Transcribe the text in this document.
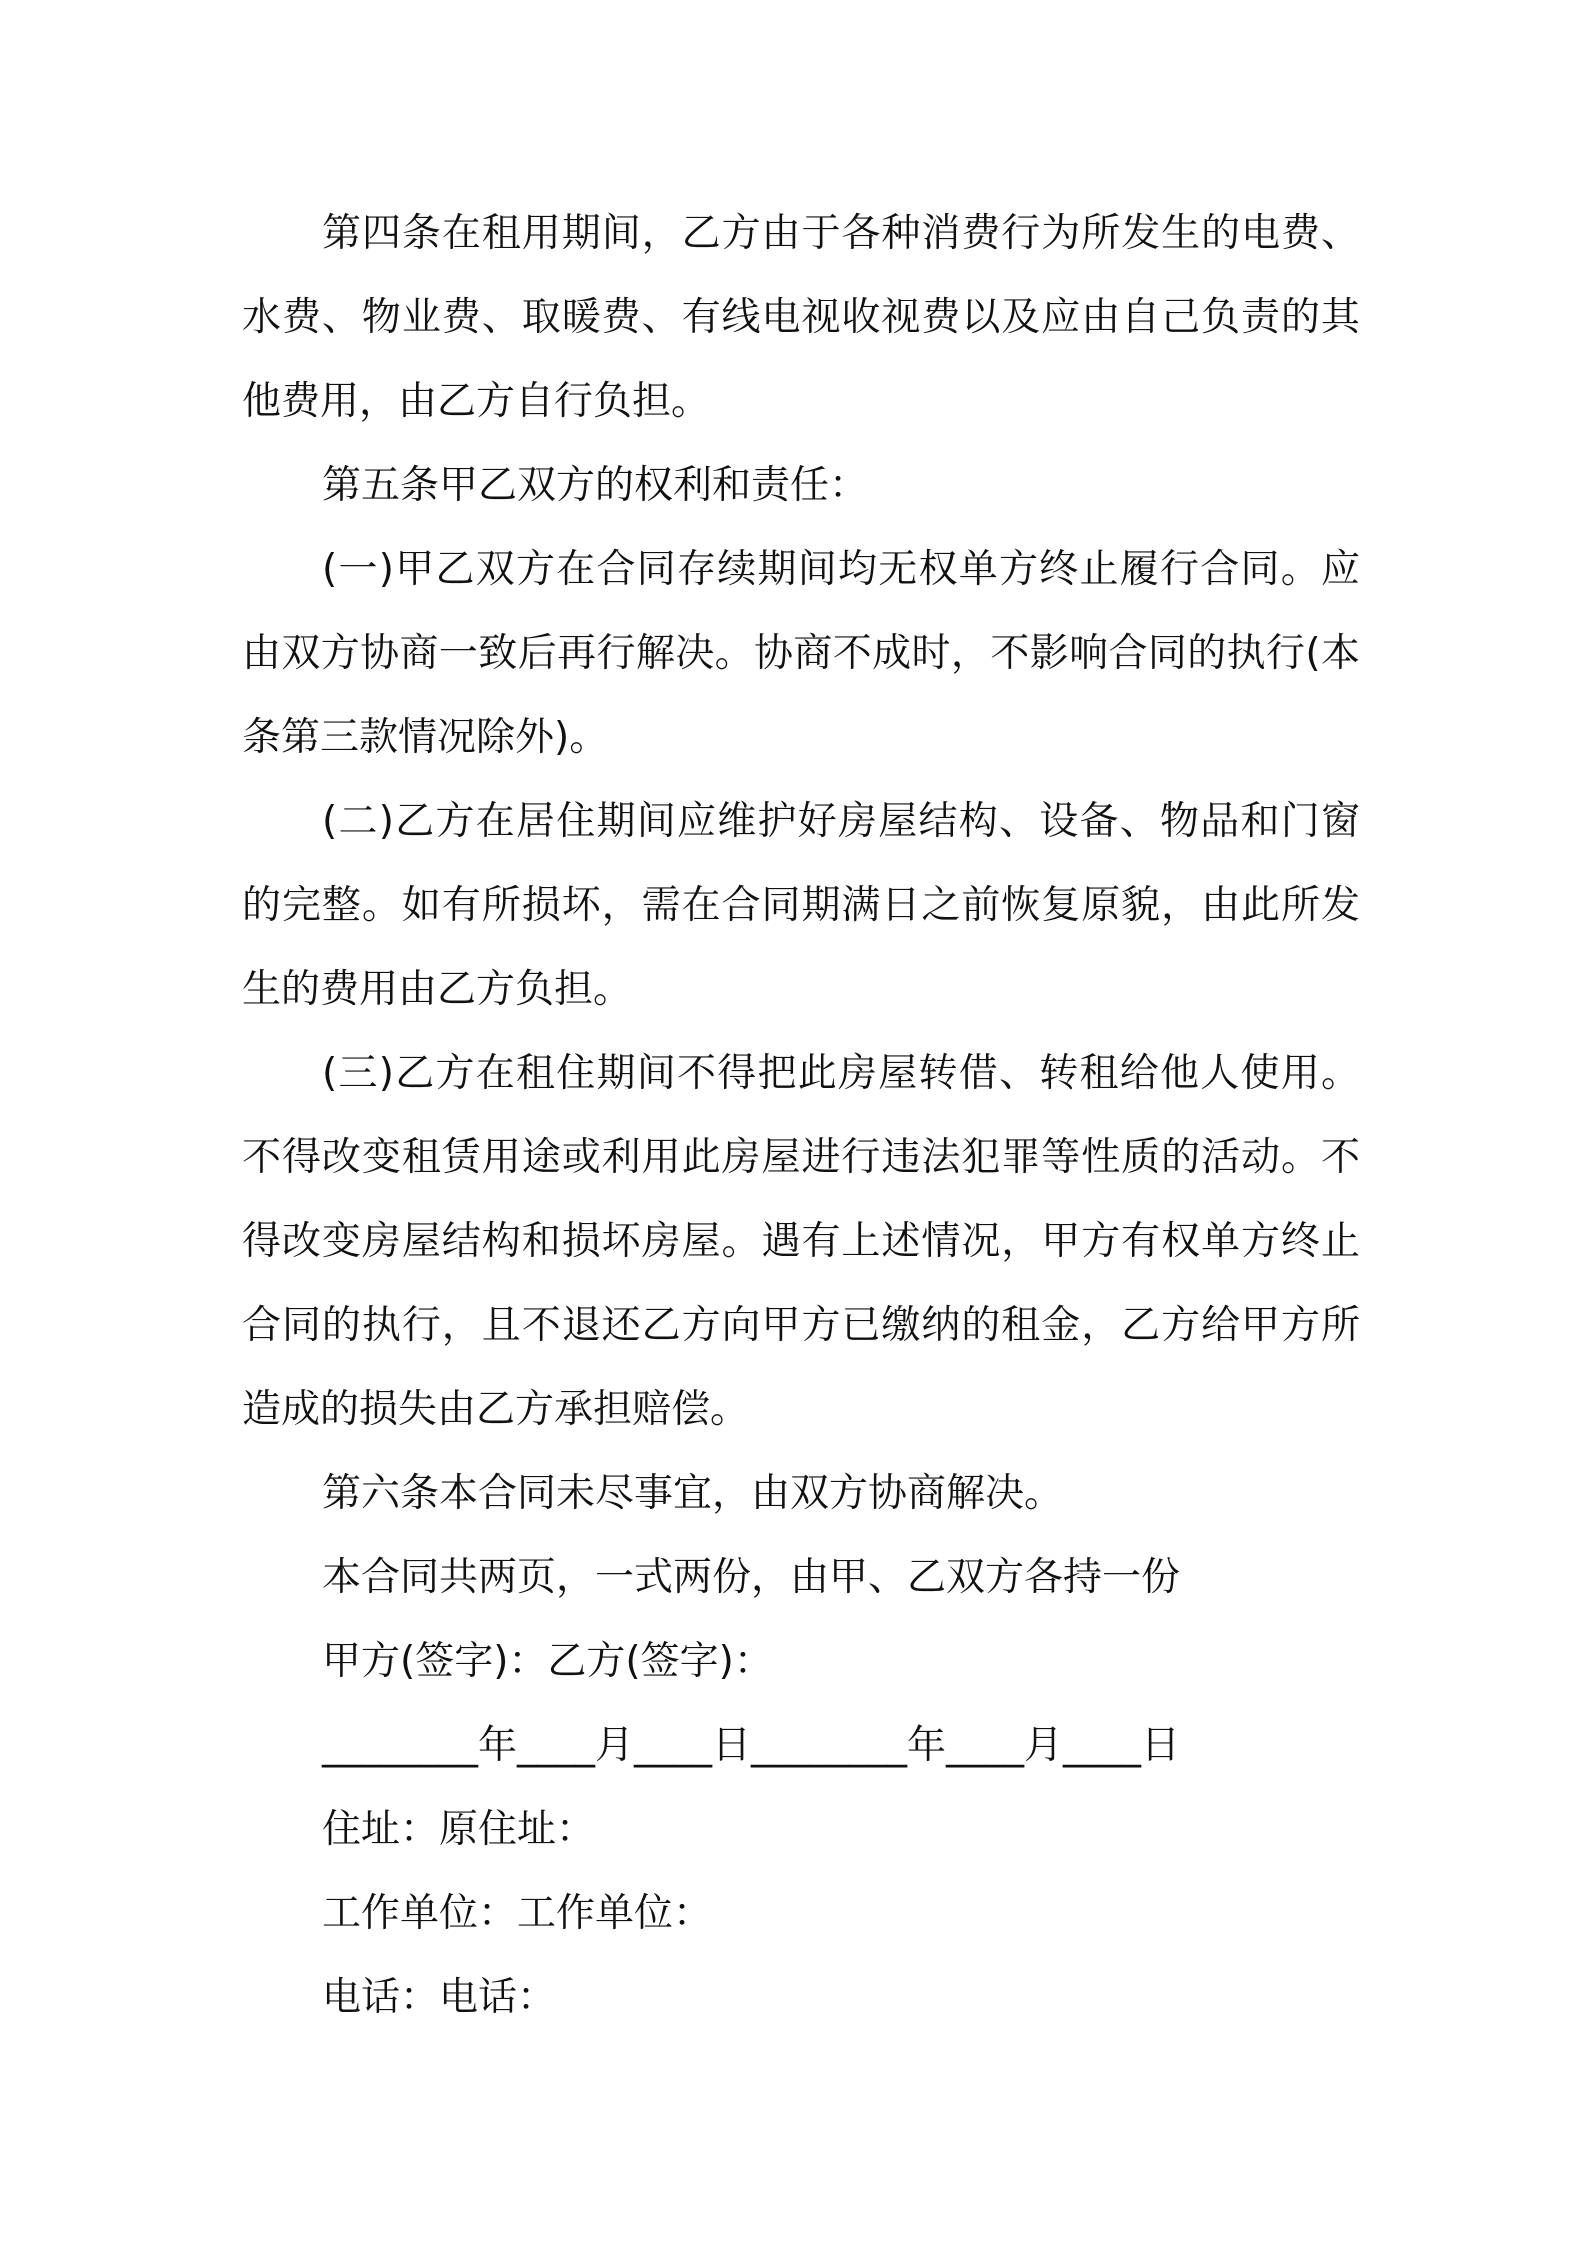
第四条在租用期间，乙方由于各种消费行为所发生的电费、水费、物业费、取暖费、有线电视收视费以及应由自己负责的其他费用，由乙方自行负担。

第五条甲乙双方的权利和责任：

(一)甲乙双方在合同存续期间均无权单方终止履行合同。应由双方协商一致后再行解决。协商不成时，不影响合同的执行(本条第三款情况除外)。

(二)乙方在居住期间应维护好房屋结构、设备、物品和门窗的完整。如有所损坏，需在合同期满日之前恢复原貌，由此所发生的费用由乙方负担。

(三)乙方在租住期间不得把此房屋转借、转租给他人使用。不得改变租赁用途或利用此房屋进行违法犯罪等性质的活动。不得改变房屋结构和损坏房屋。遇有上述情况，甲方有权单方终止合同的执行，且不退还乙方向甲方已缴纳的租金，乙方给甲方所造成的损失由乙方承担赔偿。

第六条本合同未尽事宜，由双方协商解决。

本合同共两页，一式两份，由甲、乙双方各持一份

甲方(签字)：乙方(签字)：

________年____月____日________年____月____日

住址：原住址：

工作单位：工作单位：

电话：电话：
